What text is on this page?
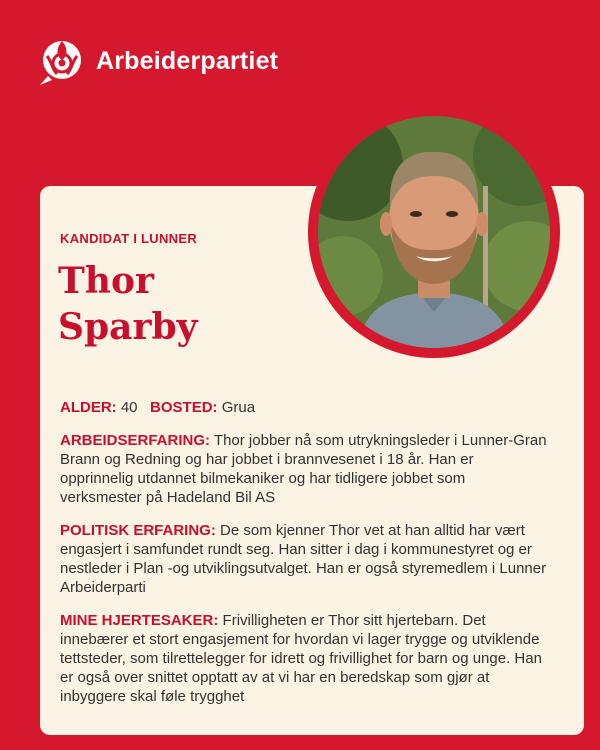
Arbeiderpartiet
KANDIDAT I LUNNER
Thor
Sparby

ALDER: 40 BOSTED: Grua

ARBEIDSERFARING: Thor jobber nå som utrykningsleder i Lunner-Gran Brann og Redning og har jobbet i brannvesenet i 18 år. Han er opprinnelig utdannet bilmekaniker og har tidligere jobbet som verksmester på Hadeland Bil AS

POLITISK ERFARING: De som kjenner Thor vet at han alltid har vært engasjert i samfundet rundt seg. Han sitter i dag i kommunestyret og er nestleder i Plan -og utviklingsutvalget. Han er også styremedlem i Lunner Arbeiderparti

MINE HJERTESAKER: Frivilligheten er Thor sitt hjertebarn. Det innebærer et stort engasjement for hvordan vi lager trygge og utviklende tettsteder, som tilrettelegger for idrett og frivillighet for barn og unge. Han er også over snittet opptatt av at vi har en beredskap som gjør at inbyggere skal føle trygghet
